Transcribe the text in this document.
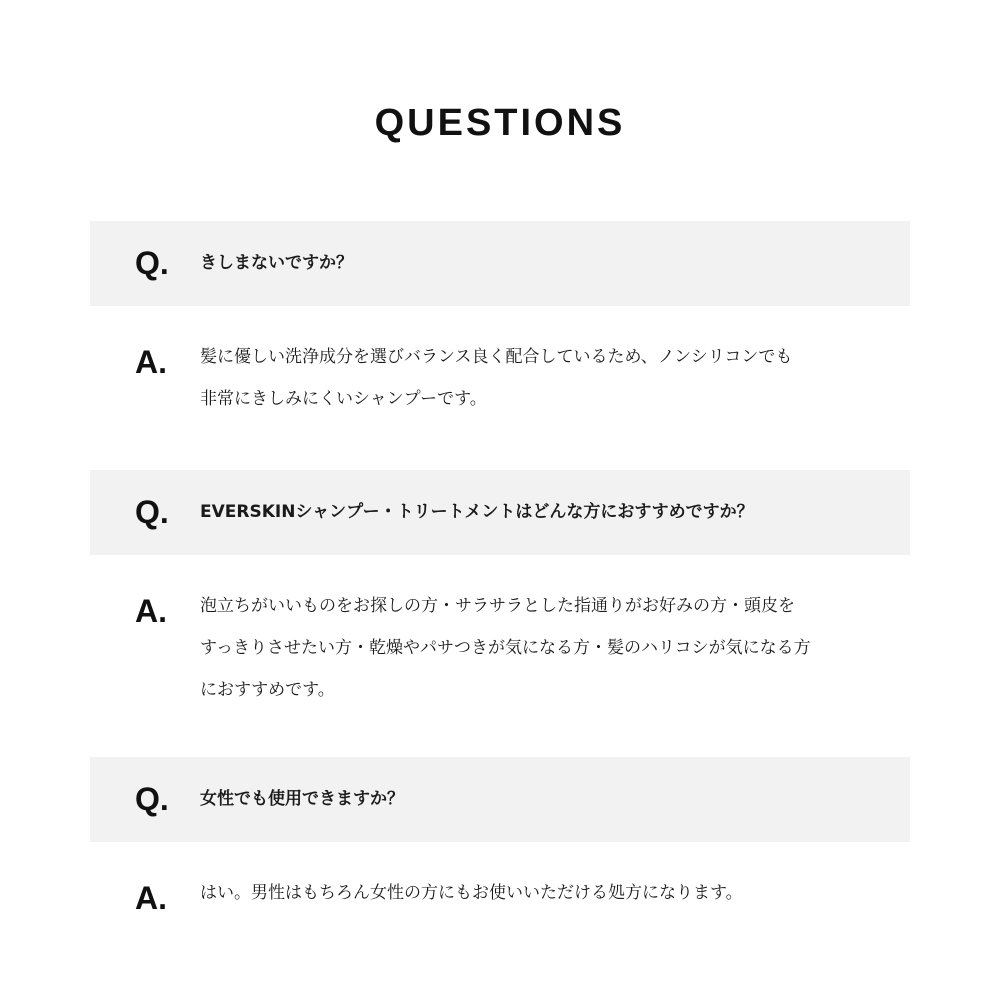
QUESTIONS
Q. きしまないですか？
A. 髪に優しい洗浄成分を選びバランス良く配合しているため、ノンシリコンでも
非常にきしみにくいシャンプーです。
Q. EVERSKINシャンプー・トリートメントはどんな方におすすめですか？
A. 泡立ちがいいものをお探しの方・サラサラとした指通りがお好みの方・頭皮を
すっきりさせたい方・乾燥やパサつきが気になる方・髪のハリコシが気になる方
におすすめです。
Q. 女性でも使用できますか？
A. はい。男性はもちろん女性の方にもお使いいただける処方になります。
